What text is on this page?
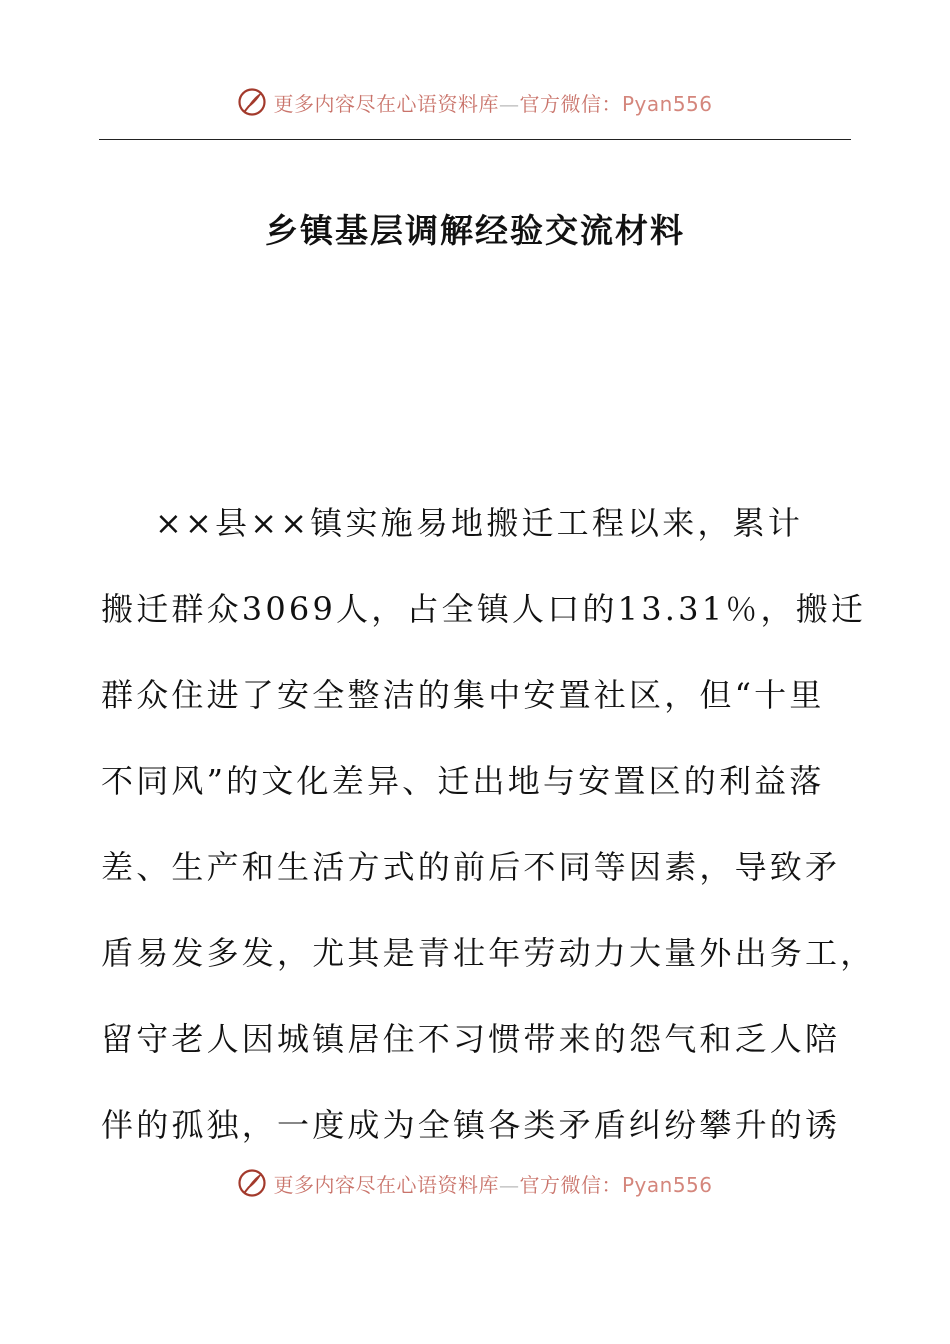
更多内容尽在心语资料库—官方微信：Pyan556
乡镇基层调解经验交流材料
××县××镇实施易地搬迁工程以来，累计
搬迁群众3069人，占全镇人口的13.31％，搬迁
群众住进了安全整洁的集中安置社区，但“十里
不同风”的文化差异、迁出地与安置区的利益落
差、生产和生活方式的前后不同等因素，导致矛
盾易发多发，尤其是青壮年劳动力大量外出务工，
留守老人因城镇居住不习惯带来的怨气和乏人陪
伴的孤独，一度成为全镇各类矛盾纠纷攀升的诱
更多内容尽在心语资料库—官方微信：Pyan556
